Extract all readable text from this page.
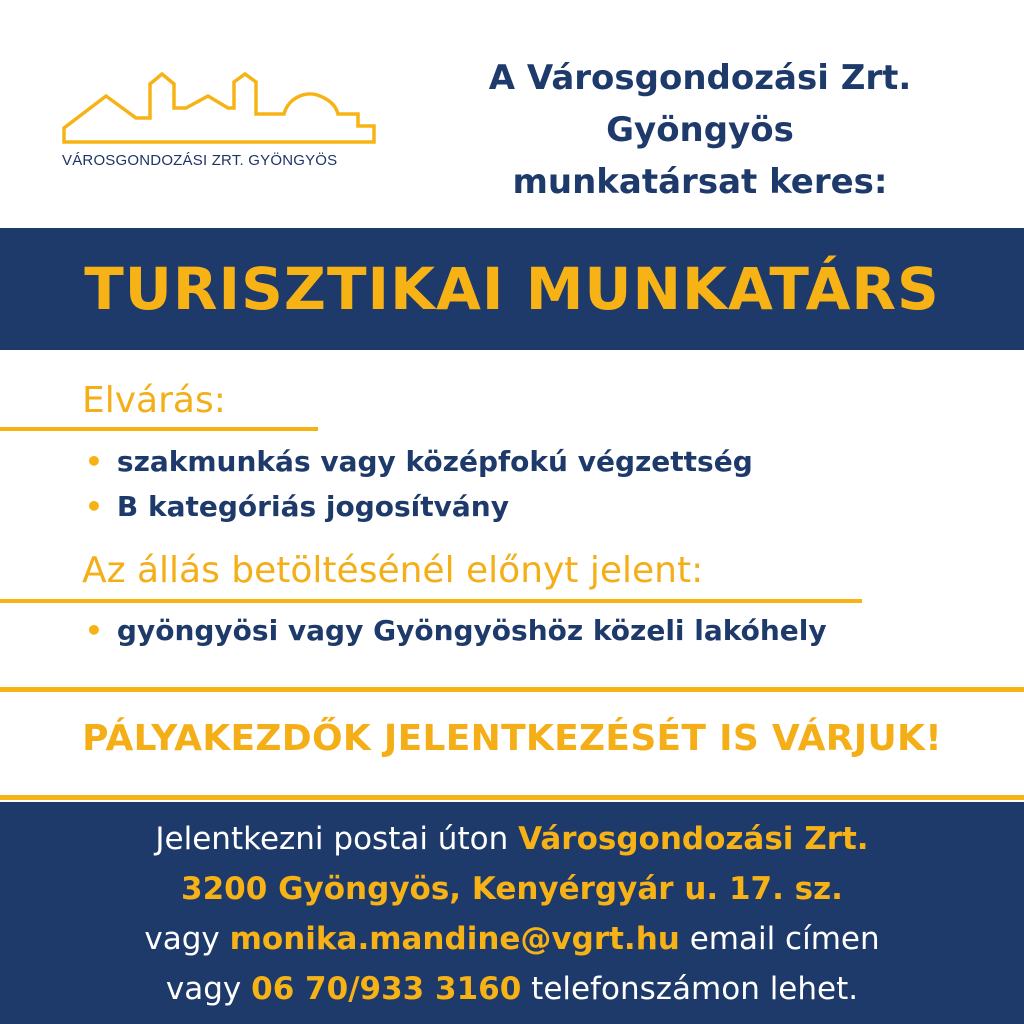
VÁROSGONDOZÁSI ZRT. GYÖNGYÖS
A Városgondozási Zrt.
Gyöngyös
munkatársat keres:
TURISZTIKAI MUNKATÁRS
Elvárás:
• szakmunkás vagy középfokú végzettség
• B kategóriás jogosítvány
Az állás betöltésénél előnyt jelent:
• gyöngyösi vagy Gyöngyöshöz közeli lakóhely
PÁLYAKEZDŐK JELENTKEZÉSÉT IS VÁRJUK!
Jelentkezni postai úton Városgondozási Zrt.
3200 Gyöngyös, Kenyérgyár u. 17. sz.
vagy monika.mandine@vgrt.hu email címen
vagy 06 70/933 3160 telefonszámon lehet.
